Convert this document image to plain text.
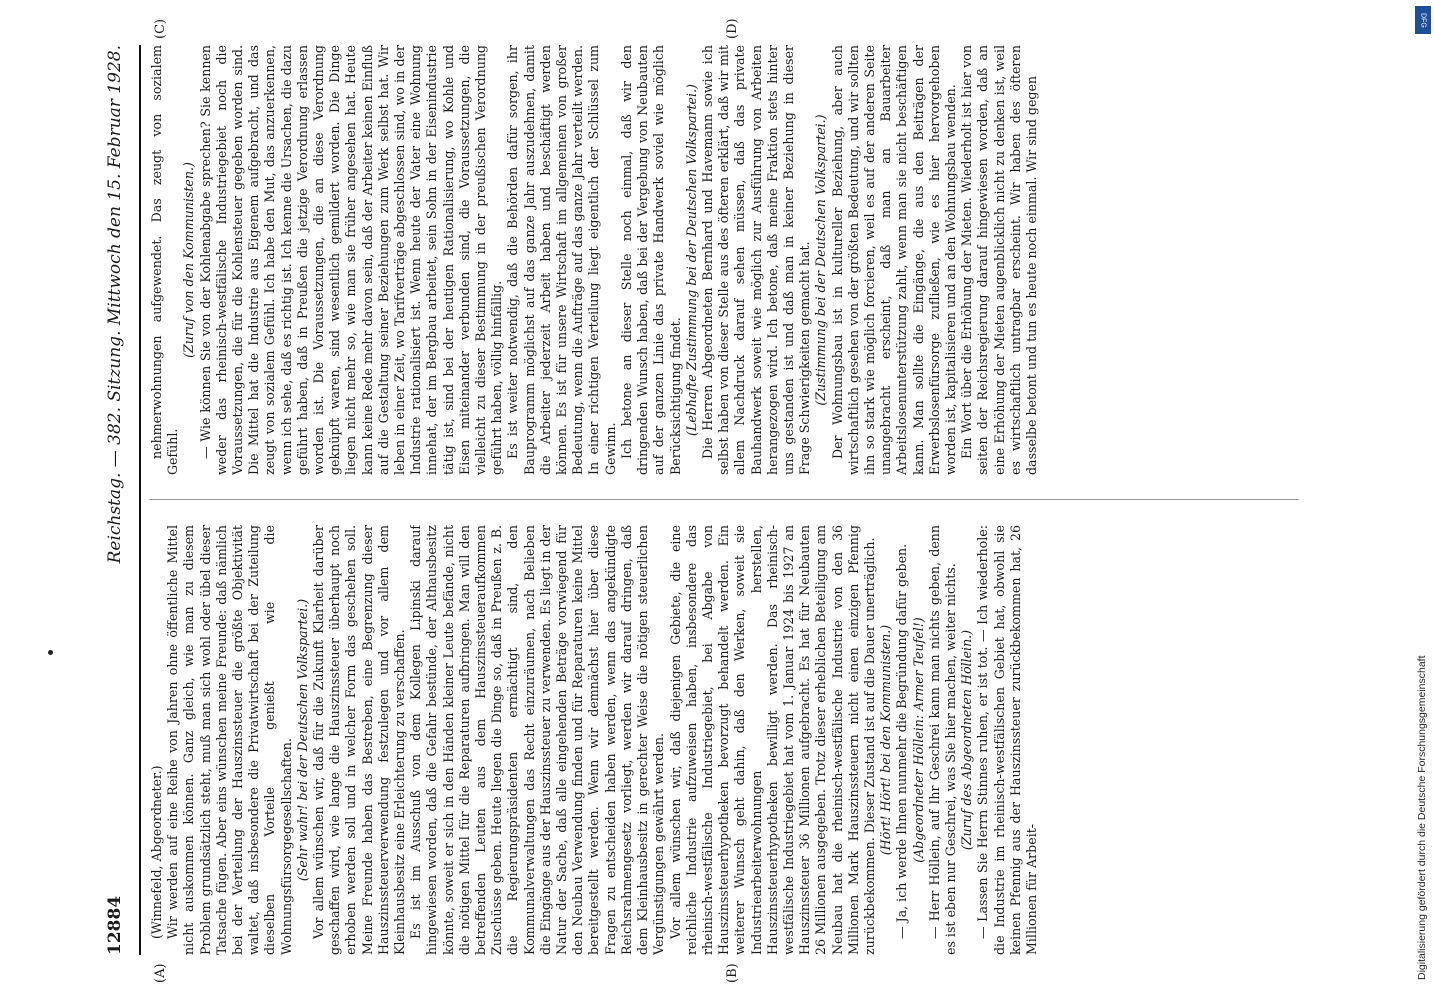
12884
Reichstag. — 382. Sitzung. Mittwoch den 15. Februar 1928.
(A)	(B)
(C)	(D)

(Winnefeld, Abgeordneter.) Wir werden auf eine Reihe von Jahren ohne öffentliche Mittel nicht auskommen können. Ganz gleich, wie man zu diesem Problem grundsätzlich steht, muß man sich wohl oder übel dieser Tatsache fügen. Aber eins wünschen meine Freunde: daß nämlich bei der Verteilung der Hauszinssteuer die größte Objektivität waltet, daß insbesondere die Privatwirtschaft bei der Zuteilung dieselben Vorteile genießt wie die Wohnungsfürsorgegesellschaften. (Sehr wahr! bei der Deutschen Volkspartei.) Vor allem wünschen wir, daß für die Zukunft Klarheit darüber geschaffen wird, wie lange die Hauszinssteuer überhaupt noch erhoben werden soll und in welcher Form das geschehen soll. Meine Freunde haben das Bestreben, eine Begrenzung dieser Hauszinssteuerverwendung festzulegen und vor allem dem Kleinhausbesitz eine Erleichterung zu verschaffen. Es ist im Ausschuß von dem Kollegen Lipinski darauf hingewiesen worden, daß die Gefahr bestünde, der Althausbesitz könnte, soweit er sich in den Händen kleiner Leute befände, nicht die nötigen Mittel für die Reparaturen aufbringen. Man will den betreffenden Leuten aus dem Hauszinssteueraufkommen Zuschüsse geben. Heute liegen die Dinge so, daß in Preußen z. B. die Regierungspräsidenten ermächtigt sind, den Kommunalverwaltungen das Recht einzuräumen, nach Belieben die Eingänge aus der Hauszinssteuer zu verwenden. Es liegt in der Natur der Sache, daß alle eingehenden Beträge vorwiegend für den Neubau Verwendung finden und für Reparaturen keine Mittel bereitgestellt werden. Wenn wir demnächst hier über diese Fragen zu entscheiden haben werden, wenn das angekündigte Reichsrahmengesetz vorliegt, werden wir darauf dringen, daß dem Kleinhausbesitz in gerechter Weise die nötigen steuerlichen Vergünstigungen gewährt werden. Vor allem wünschen wir, daß diejenigen Gebiete, die eine reichliche Industrie aufzuweisen haben, insbesondere das rheinisch-westfälische Industriegebiet, bei Abgabe von Hauszinssteuerhypotheken bevorzugt behandelt werden. Ein weiterer Wunsch geht dahin, daß den Werken, soweit sie Industriearbeiterwohnungen herstellen, Hauszinssteuerhypotheken bewilligt werden. Das rheinisch-westfälische Industriegebiet hat vom 1. Januar 1924 bis 1927 an Hauszinssteuer 36 Millionen aufgebracht. Es hat für Neubauten 26 Millionen ausgegeben. Trotz dieser erheblichen Beteiligung am Neubau hat die rheinisch-westfälische Industrie von den 36 Millionen Mark Hauszinssteuern nicht einen einzigen Pfennig zurückbekommen. Dieser Zustand ist auf die Dauer unerträglich. (Hört! Hört! bei den Kommunisten.) — Ja, ich werde Ihnen nunmehr die Begründung dafür geben. (Abgeordneter Höllein: Armer Teufel!) — Herr Höllein, auf Ihr Geschrei kann man nichts geben, denn es ist eben nur Geschrei, was Sie hier machen, weiter nichts. (Zuruf des Abgeordneten Höllein.) — Lassen Sie Herrn Stinnes ruhen, er ist tot. — Ich wiederhole: die Industrie im rheinisch-westfälischen Gebiet hat, obwohl sie keinen Pfennig aus der Hauszinssteuer zurückbekommen hat, 26 Millionen für Arbeit-

nehmerwohnungen aufgewendet. Das zeugt von sozialem Gefühl.

(Zuruf von den Kommunisten.) — Wie können Sie von der Kohlenabgabe sprechen? Sie kennen weder das rheinisch-westfälische Industriegebiet noch die Voraussetzungen, die für die Kohlensteuer gegeben worden sind. Die Mittel hat die Industrie aus Eigenem aufgebracht, und das zeugt von sozialem Gefühl. Ich habe den Mut, das anzuerkennen, wenn ich sehe, daß es richtig ist. Ich kenne die Ursachen, die dazu geführt haben, daß in Preußen die jetzige Verordnung erlassen worden ist. Die Voraussetzungen, die an diese Verordnung geknüpft waren, sind wesentlich gemildert worden. Die Dinge liegen nicht mehr so, wie man sie früher angesehen hat. Heute kann keine Rede mehr davon sein, daß der Arbeiter keinen Einfluß auf die Gestaltung seiner Beziehungen zum Werk selbst hat. Wir leben in einer Zeit, wo Tarifverträge abgeschlossen sind, wo in der Industrie rationalisiert ist. Wenn heute der Vater eine Wohnung innehat, der im Bergbau arbeitet, sein Sohn in der Eisenindustrie tätig ist, sind bei der heutigen Rationalisierung, wo Kohle und Eisen miteinander verbunden sind, die Voraussetzungen, die vielleicht zu dieser Bestimmung in der preußischen Verordnung geführt haben, völlig hinfällig. Es ist weiter notwendig, daß die Behörden dafür sorgen, ihr Bauprogramm möglichst auf das ganze Jahr auszudehnen, damit die Arbeiter jederzeit Arbeit haben und beschäftigt werden können. Es ist für unsere Wirtschaft im allgemeinen von großer Bedeutung, wenn die Aufträge auf das ganze Jahr verteilt werden. In einer richtigen Verteilung liegt eigentlich der Schlüssel zum Gewinn. Ich betone an dieser Stelle noch einmal, daß wir den dringenden Wunsch haben, daß bei der Vergebung von Neubauten auf der ganzen Linie das private Handwerk soviel wie möglich Berücksichtigung findet. (Lebhafte Zustimmung bei der Deutschen Volkspartei.) Die Herren Abgeordneten Bernhard und Havemann sowie ich selbst haben von dieser Stelle aus des öfteren erklärt, daß wir mit allem Nachdruck darauf sehen müssen, daß das private Bauhandwerk soweit wie möglich zur Ausführung von Arbeiten herangezogen wird. Ich betone, daß meine Fraktion stets hinter uns gestanden ist und daß man in keiner Beziehung in dieser Frage Schwierigkeiten gemacht hat. (Zustimmung bei der Deutschen Volkspartei.) Der Wohnungsbau ist in kultureller Beziehung, aber auch wirtschaftlich gesehen von der größten Bedeutung, und wir sollten ihn so stark wie möglich forcieren, weil es auf der anderen Seite unangebracht erscheint, daß man an Bauarbeiter Arbeitslosenunterstützung zahlt, wenn man sie nicht beschäftigen kann. Man sollte die Eingänge, die aus den Beiträgen der Erwerbslosenfürsorge zufließen, wie es hier hervorgehoben worden ist, kapitalisieren und an den Wohnungsbau wenden. Ein Wort über die Erhöhung der Mieten. Wiederholt ist hier von seiten der Reichsregierung darauf hingewiesen worden, daß an eine Erhöhung der Mieten augenblicklich nicht zu denken ist, weil es wirtschaftlich untragbar erscheint. Wir haben des öfteren dasselbe betont und tun es heute noch einmal. Wir sind gegen

DFG
Digitalisierung gefördert durch die Deutsche Forschungsgemeinschaft
